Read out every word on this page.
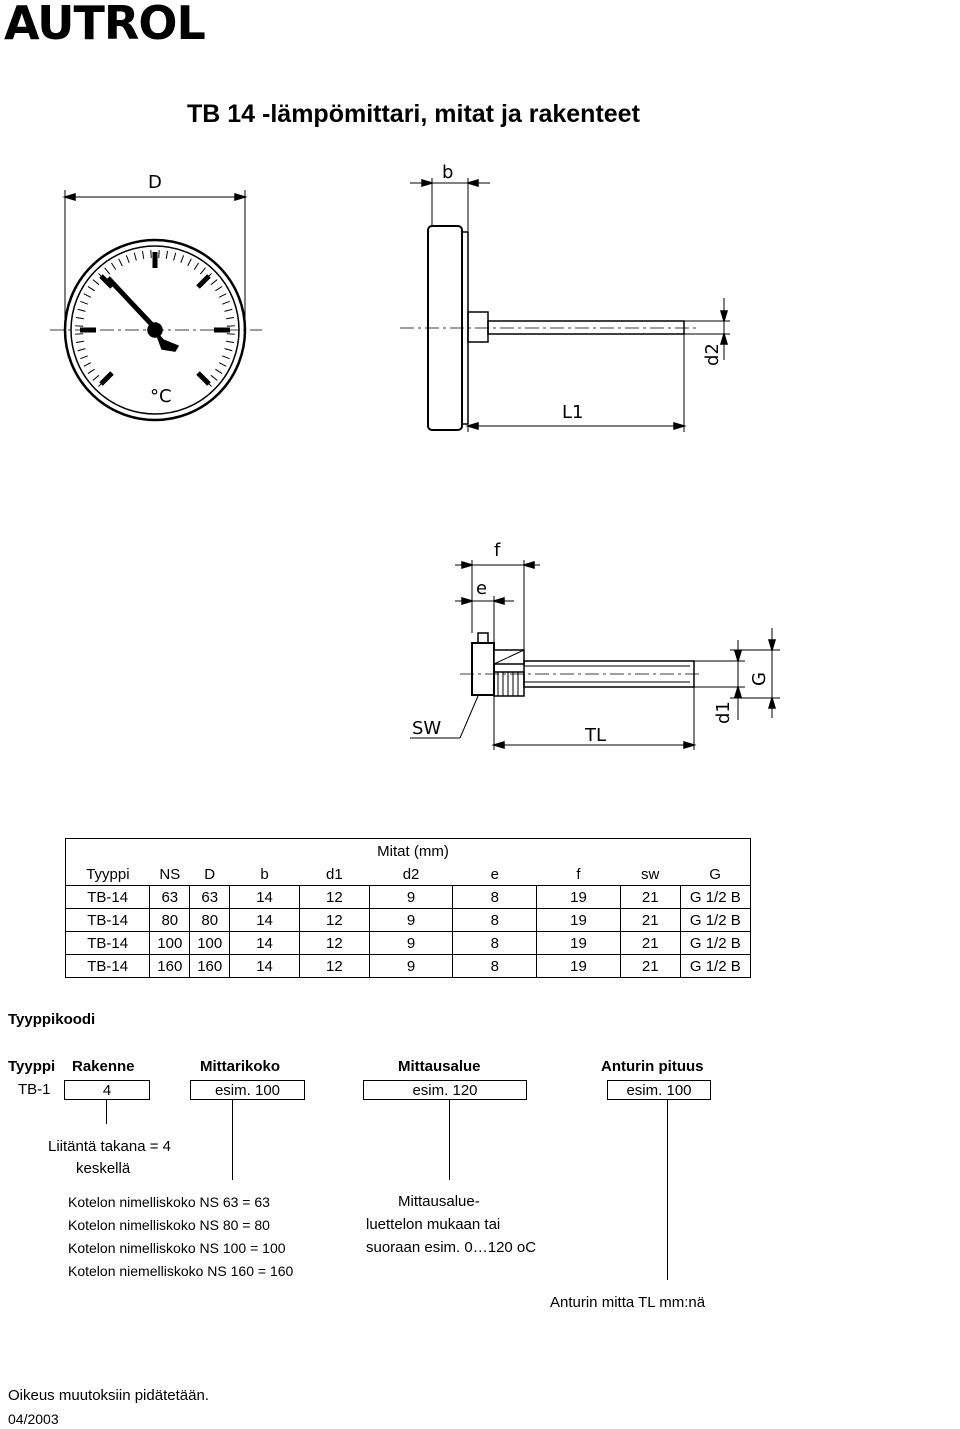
AUTROL
TB 14 -lämpömittari, mitat ja rakenteet
D
°C
b
d2
L1
f
e
SW	TL
d1
G
Mitat (mm)									
Tyyppi	NS	D	b	d1	d2	e	f	sw	G
TB-14	63	63	14	12	9	8	19	21	G 1/2 B
TB-14	80	80	14	12	9	8	19	21	G 1/2 B
TB-14	100	100	14	12	9	8	19	21	G 1/2 B
TB-14	160	160	14	12	9	8	19	21	G 1/2 B
Tyyppikoodi
Tyyppi Rakenne	Mittarikoko	Mittausalue	Anturin pituus
TB-1	4	esim. 100	esim. 120	esim. 100
Liitäntä takana = 4
keskellä
Kotelon nimelliskoko NS 63 = 63
Kotelon nimelliskoko NS 80 = 80
Kotelon nimelliskoko NS 100 = 100
Kotelon niemelliskoko NS 160 = 160
Mittausalue-
luettelon mukaan tai
suoraan esim. 0…120 oC
Anturin mitta TL mm:nä
Oikeus muutoksiin pidätetään.
04/2003
